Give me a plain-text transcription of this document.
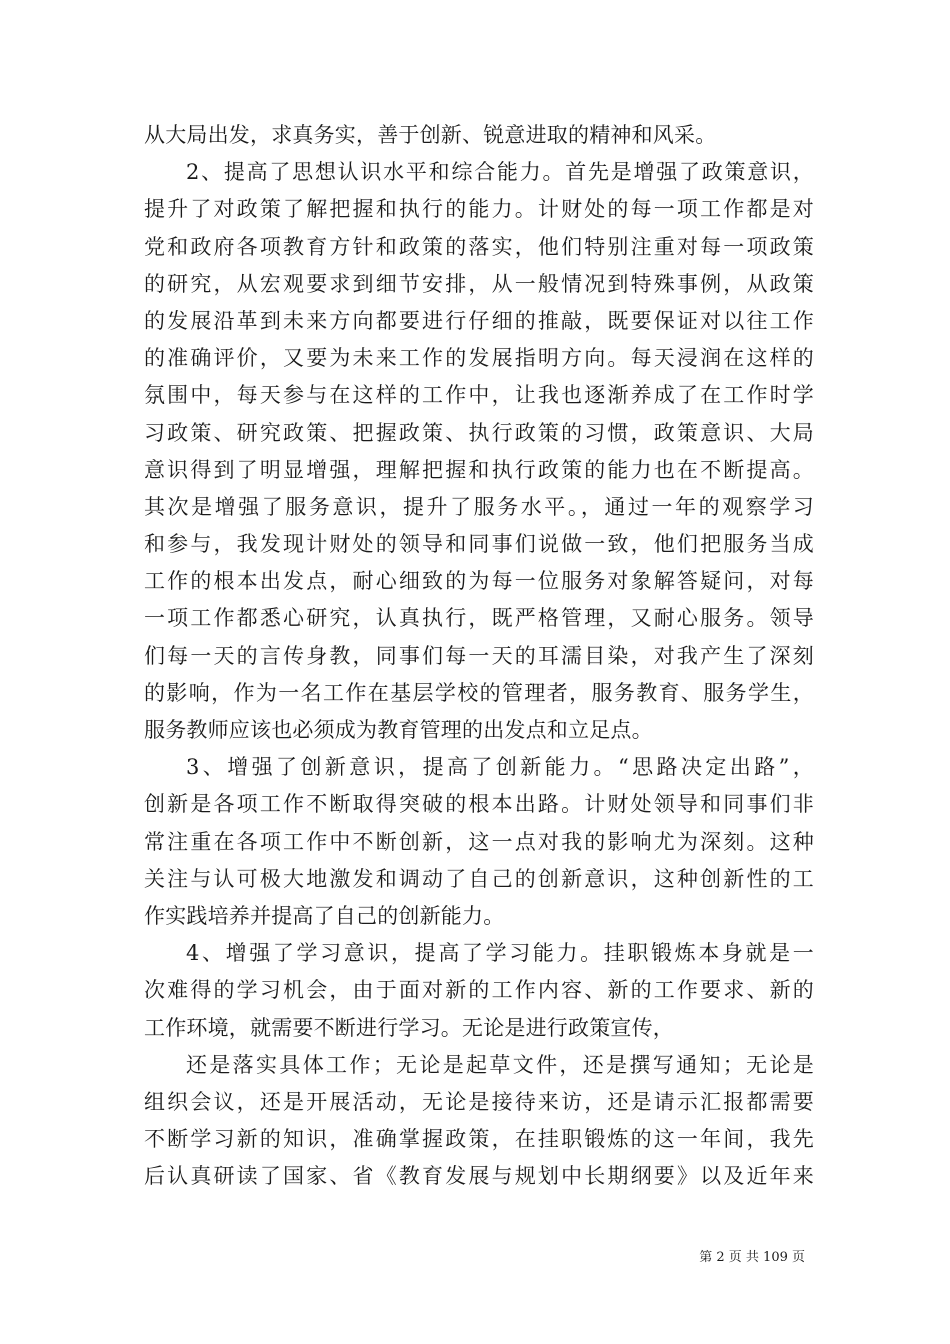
从大局出发，求真务实，善于创新、锐意进取的精神和风采。
2、提高了思想认识水平和综合能力。首先是增强了政策意识，
提升了对政策了解把握和执行的能力。计财处的每一项工作都是对
党和政府各项教育方针和政策的落实，他们特别注重对每一项政策
的研究，从宏观要求到细节安排，从一般情况到特殊事例，从政策
的发展沿革到未来方向都要进行仔细的推敲，既要保证对以往工作
的准确评价，又要为未来工作的发展指明方向。每天浸润在这样的
氛围中，每天参与在这样的工作中，让我也逐渐养成了在工作时学
习政策、研究政策、把握政策、执行政策的习惯，政策意识、大局
意识得到了明显增强，理解把握和执行政策的能力也在不断提高。
其次是增强了服务意识，提升了服务水平。，通过一年的观察学习
和参与，我发现计财处的领导和同事们说做一致，他们把服务当成
工作的根本出发点，耐心细致的为每一位服务对象解答疑问，对每
一项工作都悉心研究，认真执行，既严格管理，又耐心服务。领导
们每一天的言传身教，同事们每一天的耳濡目染，对我产生了深刻
的影响，作为一名工作在基层学校的管理者，服务教育、服务学生，
服务教师应该也必须成为教育管理的出发点和立足点。
3、增强了创新意识，提高了创新能力。“思路决定出路”，
创新是各项工作不断取得突破的根本出路。计财处领导和同事们非
常注重在各项工作中不断创新，这一点对我的影响尤为深刻。这种
关注与认可极大地激发和调动了自己的创新意识，这种创新性的工
作实践培养并提高了自己的创新能力。
4、增强了学习意识，提高了学习能力。挂职锻炼本身就是一
次难得的学习机会，由于面对新的工作内容、新的工作要求、新的
工作环境，就需要不断进行学习。无论是进行政策宣传，
还是落实具体工作；无论是起草文件，还是撰写通知；无论是
组织会议，还是开展活动，无论是接待来访，还是请示汇报都需要
不断学习新的知识，准确掌握政策，在挂职锻炼的这一年间，我先
后认真研读了国家、省《教育发展与规划中长期纲要》以及近年来
第 2 页 共 109 页
